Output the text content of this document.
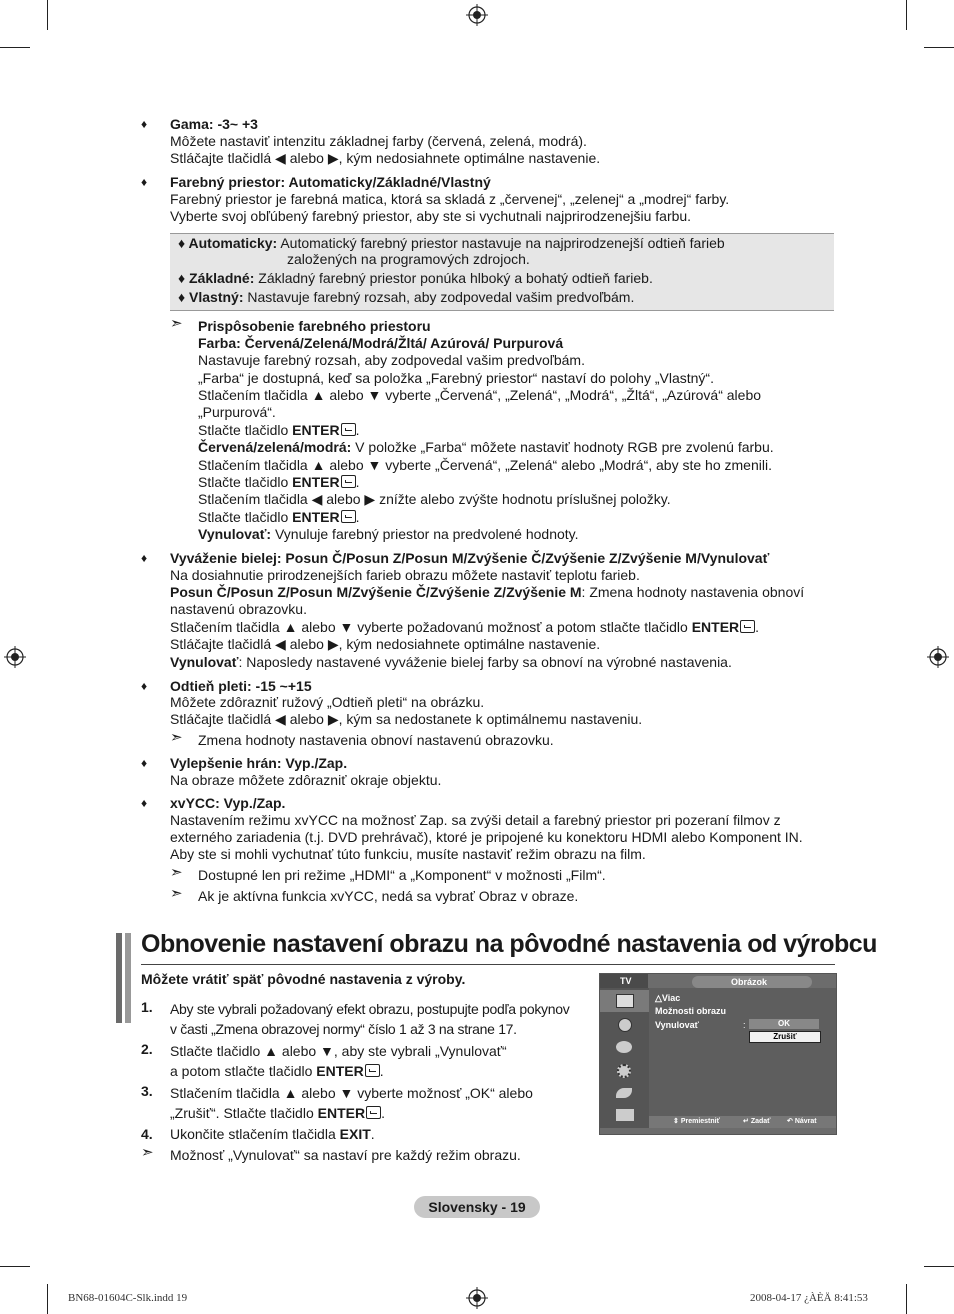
♦ Gama: -3~ +3
Môžete nastaviť intenzitu základnej farby (červená, zelená, modrá).
Stláčajte tlačidlá ◀ alebo ▶, kým nedosiahnete optimálne nastavenie.
♦ Farebný priestor: Automaticky/Základné/Vlastný
Farebný priestor je farebná matica, ktorá sa skladá z „červenej“, „zelenej“ a „modrej“ farby.
Vyberte svoj obľúbený farebný priestor, aby ste si vychutnali najprirodzenejšiu farbu.
♦ Automaticky: Automatický farebný priestor nastavuje na najprirodzenejší odtieň farieb
založených na programových zdrojoch.
♦ Základné: Základný farebný priestor ponúka hlboký a bohatý odtieň farieb.
♦ Vlastný: Nastavuje farebný rozsah, aby zodpovedal vašim predvoľbám.
➣ Prispôsobenie farebného priestoru
Farba: Červená/Zelená/Modrá/Žltá/ Azúrová/ Purpurová
Nastavuje farebný rozsah, aby zodpovedal vašim predvoľbám.
„Farba“ je dostupná, keď sa položka „Farebný priestor“ nastaví do polohy „Vlastný“.
Stlačením tlačidla ▲ alebo ▼ vyberte „Červená“, „Zelená“, „Modrá“, „Žltá“, „Azúrová“ alebo
„Purpurová“.
Stlačte tlačidlo ENTER .
Červená/zelená/modrá: V položke „Farba“ môžete nastaviť hodnoty RGB pre zvolenú farbu.
Stlačením tlačidla ▲ alebo ▼ vyberte „Červená“, „Zelená“ alebo „Modrá“, aby ste ho zmenili.
Stlačte tlačidlo ENTER .
Stlačením tlačidla ◀ alebo ▶ znížte alebo zvýšte hodnotu príslušnej položky.
Stlačte tlačidlo ENTER .
Vynulovať: Vynuluje farebný priestor na predvolené hodnoty.
♦ Vyváženie bielej: Posun Č/Posun Z/Posun M/Zvýšenie Č/Zvýšenie Z/Zvýšenie M/Vynulovať
Na dosiahnutie prirodzenejších farieb obrazu môžete nastaviť teplotu farieb.
Posun Č/Posun Z/Posun M/Zvýšenie Č/Zvýšenie Z/Zvýšenie M: Zmena hodnoty nastavenia obnoví
nastavenú obrazovku.
Stlačením tlačidla ▲ alebo ▼ vyberte požadovanú možnosť a potom stlačte tlačidlo ENTER .
Stláčajte tlačidlá ◀ alebo ▶, kým nedosiahnete optimálne nastavenie.
Vynulovať: Naposledy nastavené vyváženie bielej farby sa obnoví na výrobné nastavenia.
♦ Odtieň pleti: -15 ~+15
Môžete zdôrazniť ružový „Odtieň pleti“ na obrázku.
Stláčajte tlačidlá ◀ alebo ▶, kým sa nedostanete k optimálnemu nastaveniu.
➣ Zmena hodnoty nastavenia obnoví nastavenú obrazovku.
♦ Vylepšenie hrán: Vyp./Zap.
Na obraze môžete zdôrazniť okraje objektu.
♦ xvYCC: Vyp./Zap.
Nastavením režimu xvYCC na možnosť Zap. sa zvýši detail a farebný priestor pri pozeraní filmov z
externého zariadenia (t.j. DVD prehrávač), ktoré je pripojené ku konektoru HDMI alebo Komponent IN.
Aby ste si mohli vychutnať túto funkciu, musíte nastaviť režim obrazu na film.
➣ Dostupné len pri režime „HDMI“ a „Komponent“ v možnosti „Film“.
➣ Ak je aktívna funkcia xvYCC, nedá sa vybrať Obraz v obraze.
Obnovenie nastavení obrazu na pôvodné nastavenia od výrobcu
Môžete vrátiť späť pôvodné nastavenia z výroby.
1. Aby ste vybrali požadovaný efekt obrazu, postupujte podľa pokynov
v časti „Zmena obrazovej normy“ číslo 1 až 3 na strane 17.
2. Stlačte tlačidlo ▲ alebo ▼, aby ste vybrali „Vynulovať“
a potom stlačte tlačidlo ENTER .
3. Stlačením tlačidla ▲ alebo ▼ vyberte možnosť „OK“ alebo
„Zrušiť“. Stlačte tlačidlo ENTER .
4. Ukončite stlačením tlačidla EXIT.
➣ Možnosť „Vynulovať“ sa nastaví pre každý režim obrazu.
TV	Obrázok
△Viac
Možnosti obrazu
Vynulovať	:	OK
Zrušiť
⇕ Premiestniť	↵ Zadať ↶ Návrat
Slovensky - 19
BN68-01604C-Slk.indd 19	2008-04-17 ¿ÀÈÄ 8:41:53
